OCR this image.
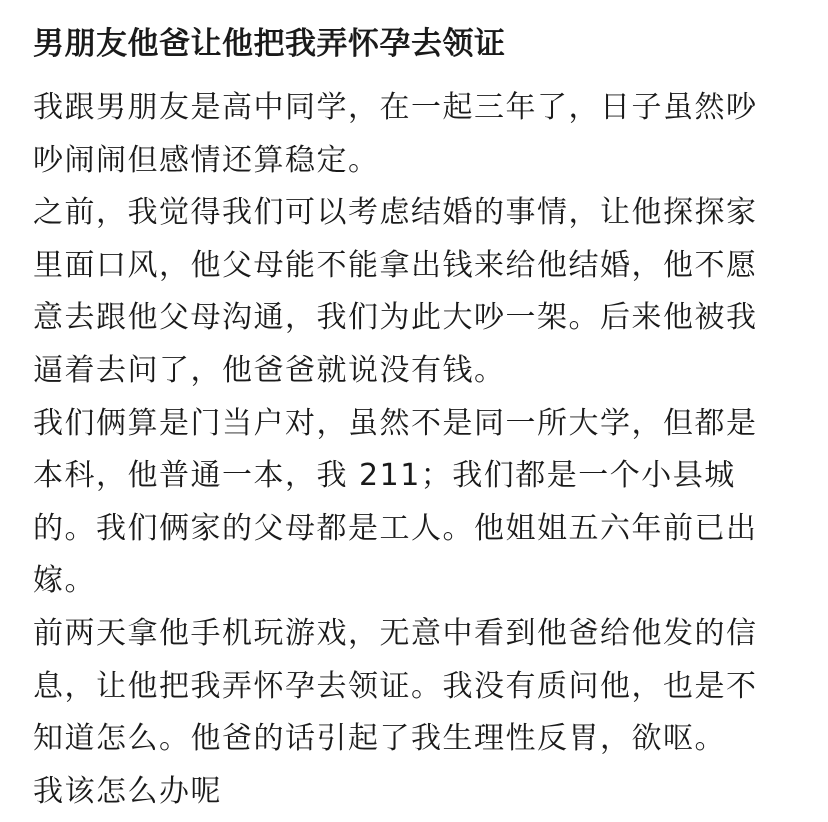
男朋友他爸让他把我弄怀孕去领证
我跟男朋友是高中同学，在一起三年了，日子虽然吵
吵闹闹但感情还算稳定。
之前，我觉得我们可以考虑结婚的事情，让他探探家
里面口风，他父母能不能拿出钱来给他结婚，他不愿
意去跟他父母沟通，我们为此大吵一架。后来他被我
逼着去问了，他爸爸就说没有钱。
我们俩算是门当户对，虽然不是同一所大学，但都是
本科，他普通一本，我 211；我们都是一个小县城
的。我们俩家的父母都是工人。他姐姐五六年前已出
嫁。
前两天拿他手机玩游戏，无意中看到他爸给他发的信
息，让他把我弄怀孕去领证。我没有质问他，也是不
知道怎么。他爸的话引起了我生理性反胃，欲呕。
我该怎么办呢
